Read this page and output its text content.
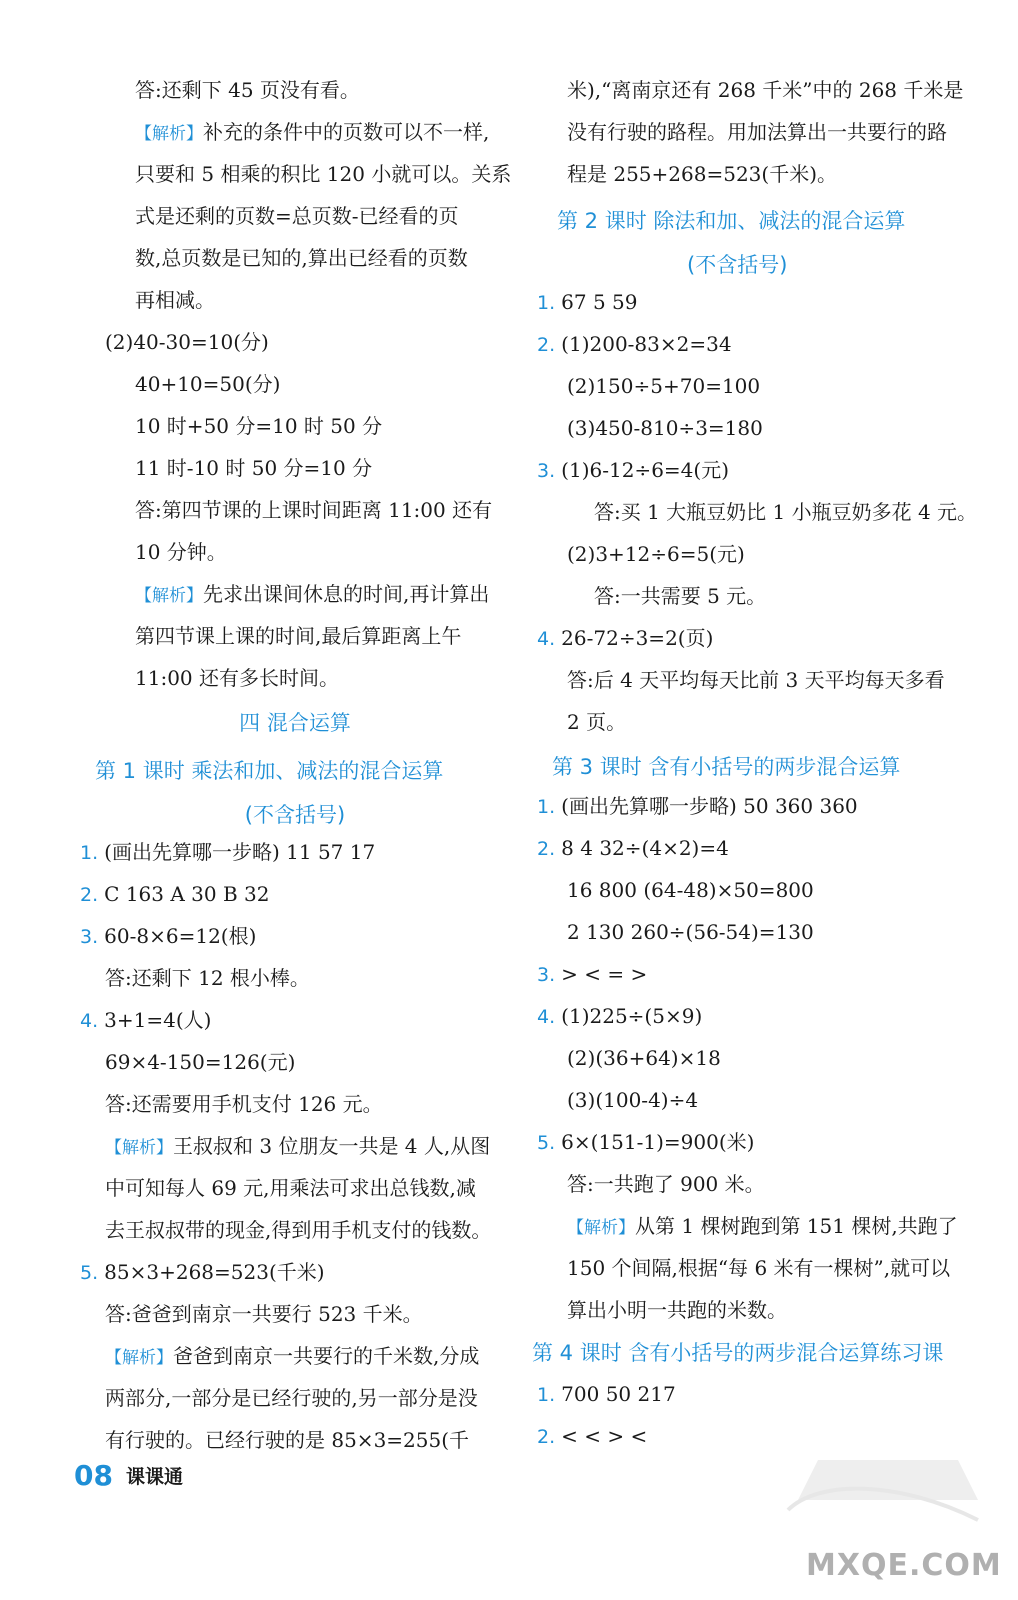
答:还剩下 45 页没有看。
【解析】补充的条件中的页数可以不一样,
只要和 5 相乘的积比 120 小就可以。关系
式是还剩的页数=总页数-已经看的页
数,总页数是已知的,算出已经看的页数
再相减。
(2)40-30=10(分)
40+10=50(分)
10 时+50 分=10 时 50 分
11 时-10 时 50 分=10 分
答:第四节课的上课时间距离 11:00 还有
10 分钟。
【解析】先求出课间休息的时间,再计算出
第四节课上课的时间,最后算距离上午
11:00 还有多长时间。
1. (画出先算哪一步略) 11 57 17
2. C 163 A 30 B 32
3. 60-8×6=12(根)
答:还剩下 12 根小棒。
4. 3+1=4(人)
69×4-150=126(元)
答:还需要用手机支付 126 元。
【解析】王叔叔和 3 位朋友一共是 4 人,从图
中可知每人 69 元,用乘法可求出总钱数,减
去王叔叔带的现金,得到用手机支付的钱数。
5. 85×3+268=523(千米)
答:爸爸到南京一共要行 523 千米。
【解析】爸爸到南京一共要行的千米数,分成
两部分,一部分是已经行驶的,另一部分是没
有行驶的。已经行驶的是 85×3=255(千
四 混合运算
第 1 课时 乘法和加、减法的混合运算
(不含括号)
米),“离南京还有 268 千米”中的 268 千米是
没有行驶的路程。用加法算出一共要行的路
程是 255+268=523(千米)。
1. 67 5 59
2. (1)200-83×2=34
(2)150÷5+70=100
(3)450-810÷3=180
3. (1)6-12÷6=4(元)
答:买 1 大瓶豆奶比 1 小瓶豆奶多花 4 元。
(2)3+12÷6=5(元)
答:一共需要 5 元。
4. 26-72÷3=2(页)
答:后 4 天平均每天比前 3 天平均每天多看
2 页。
1. (画出先算哪一步略) 50 360 360
2. 8 4 32÷(4×2)=4
16 800 (64-48)×50=800
2 130 260÷(56-54)=130
3. > < = >
4. (1)225÷(5×9)
(2)(36+64)×18
(3)(100-4)÷4
5. 6×(151-1)=900(米)
答:一共跑了 900 米。
【解析】从第 1 棵树跑到第 151 棵树,共跑了
150 个间隔,根据“每 6 米有一棵树”,就可以
算出小明一共跑的米数。
1. 700 50 217
2. < < > <
第 2 课时 除法和加、减法的混合运算
(不含括号)
第 3 课时 含有小括号的两步混合运算
第 4 课时 含有小括号的两步混合运算练习课
08 课课通
MXQE.COM
